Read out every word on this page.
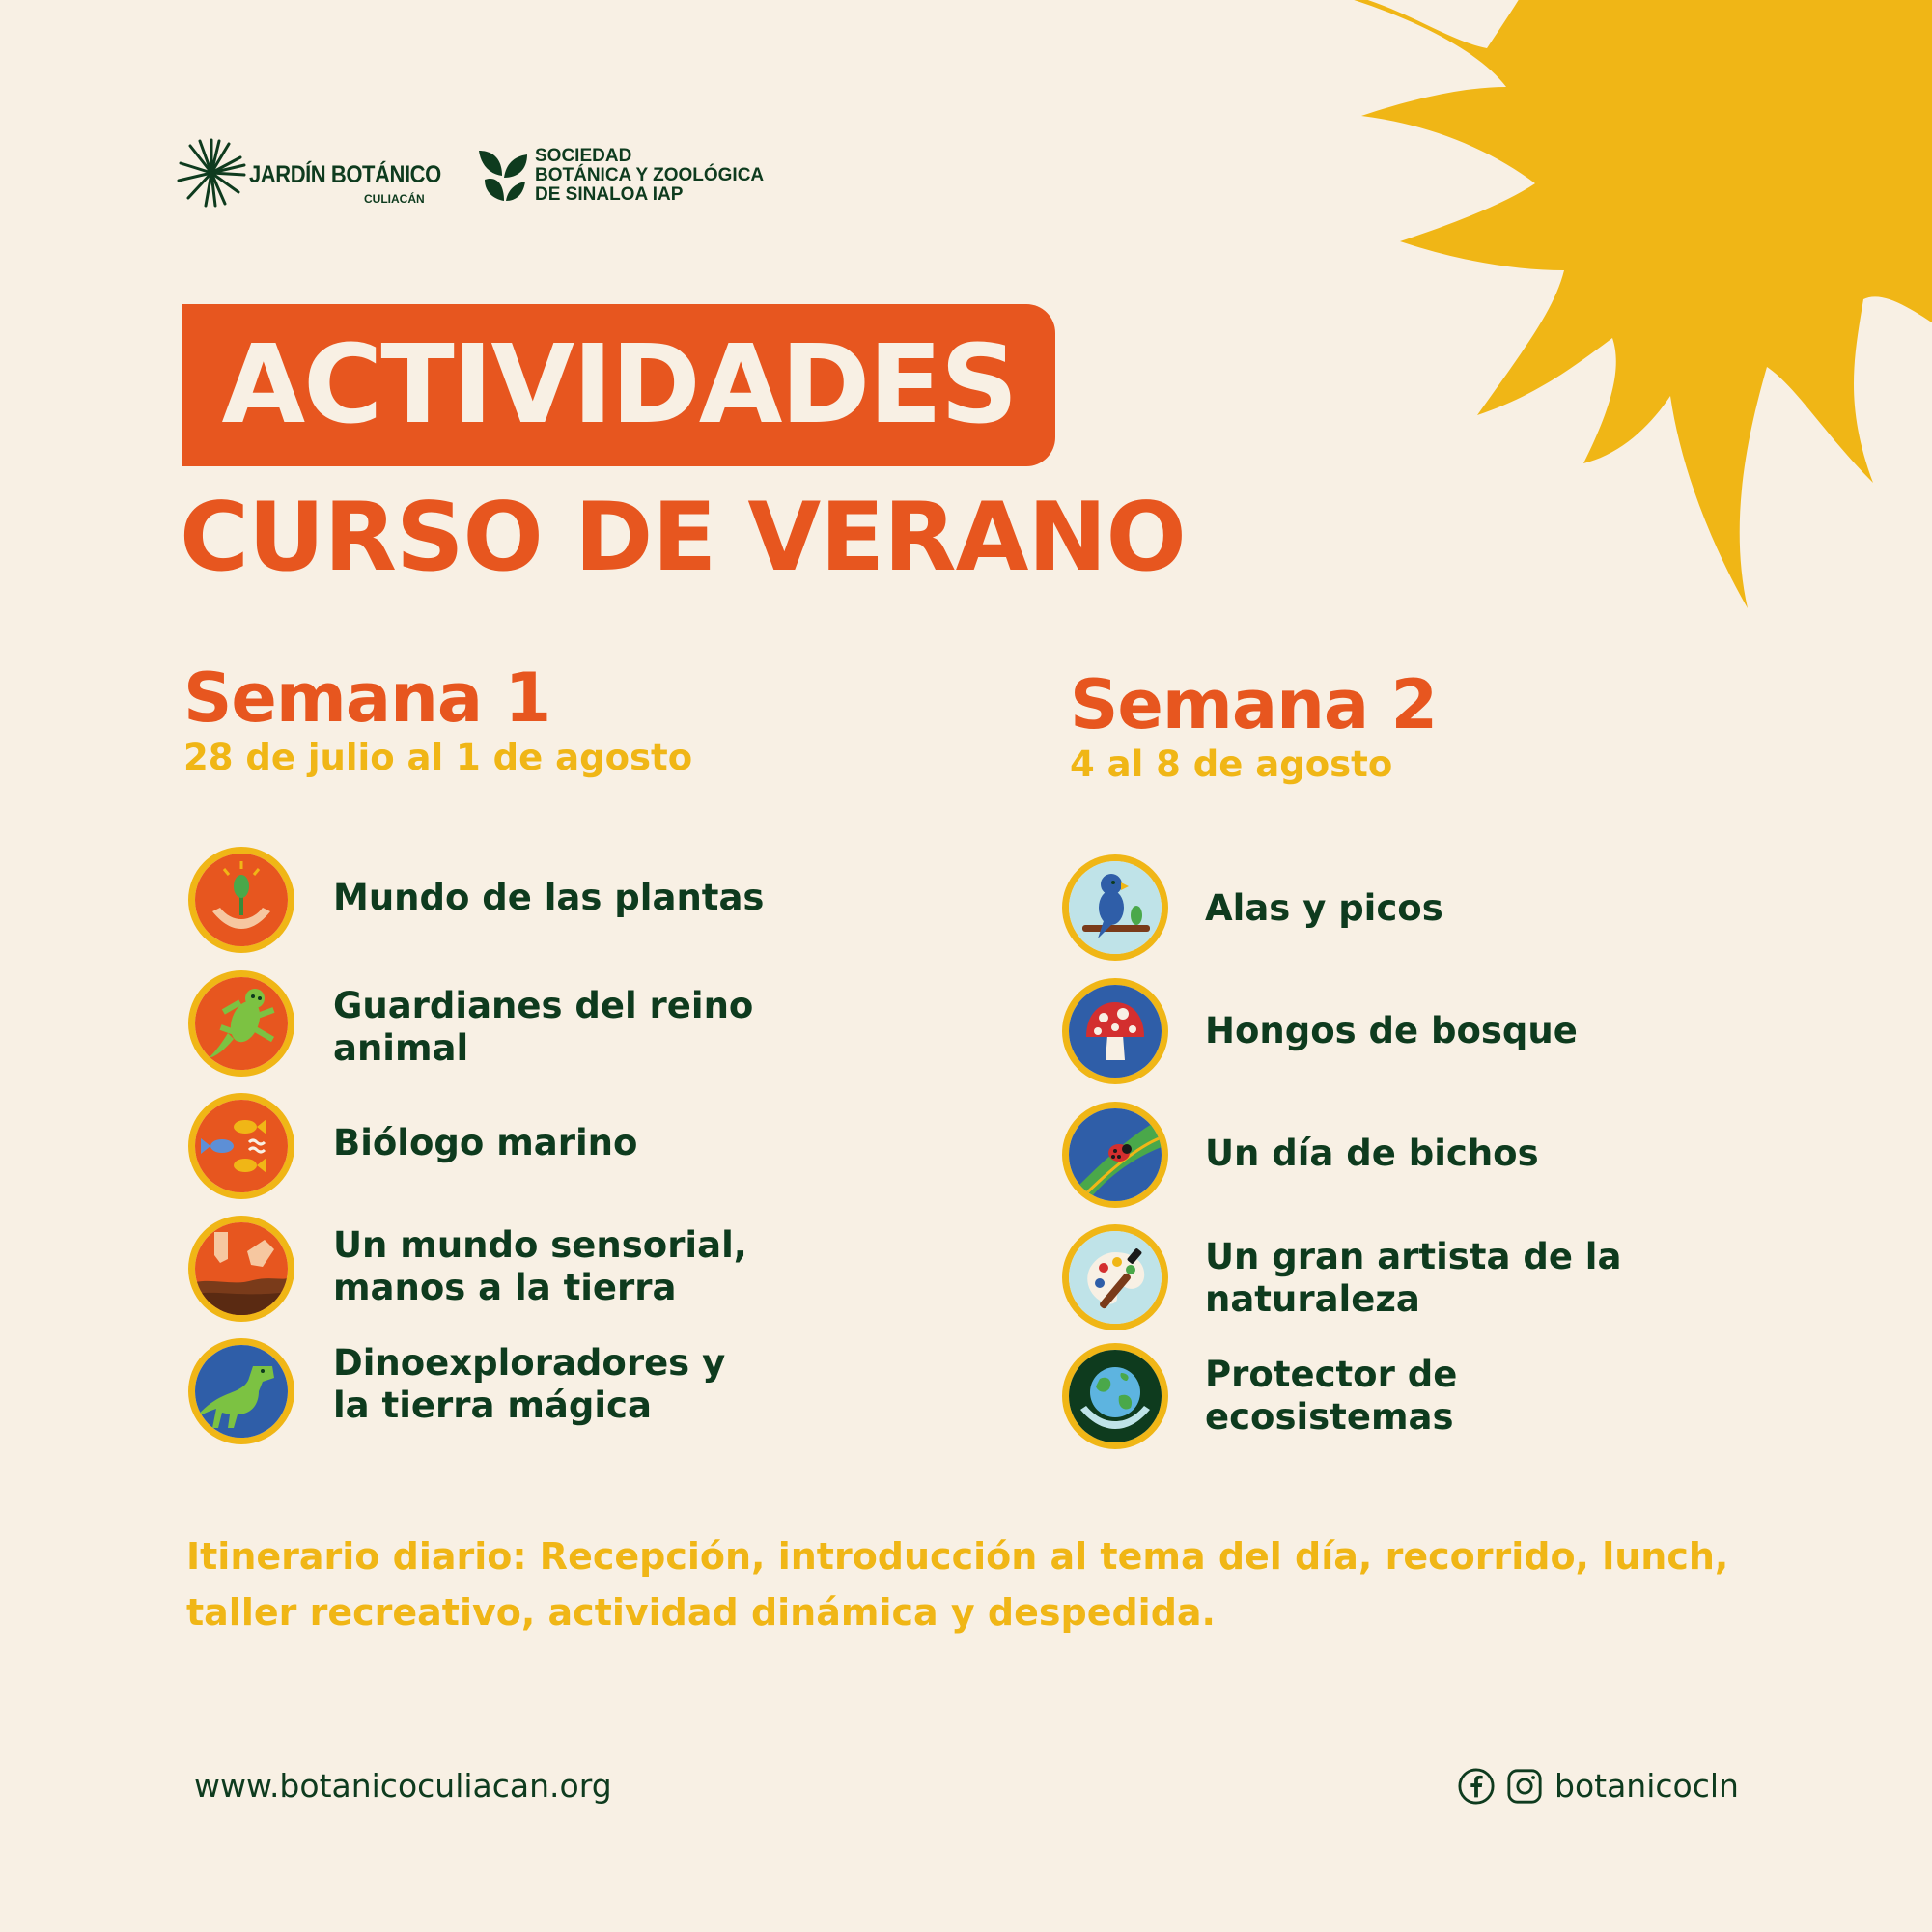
JARDÍN BOTÁNICO
CULIACÁN
SOCIEDAD
BOTÁNICA Y ZOOLÓGICA
DE SINALOA IAP
ACTIVIDADES
CURSO DE VERANO
Semana 1
28 de julio al 1 de agosto
Semana 2
4 al 8 de agosto
Mundo de las plantas
Guardianes del reino
animal
Biólogo marino
Un mundo sensorial,
manos a la tierra
Dinoexploradores y
la tierra mágica
Alas y picos
Hongos de bosque
Un día de bichos
Un gran artista de la
naturaleza
Protector de
ecosistemas
Itinerario diario: Recepción, introducción al tema del día, recorrido, lunch, taller recreativo, actividad dinámica y despedida.
www.botanicoculiacan.org	botanicocln
